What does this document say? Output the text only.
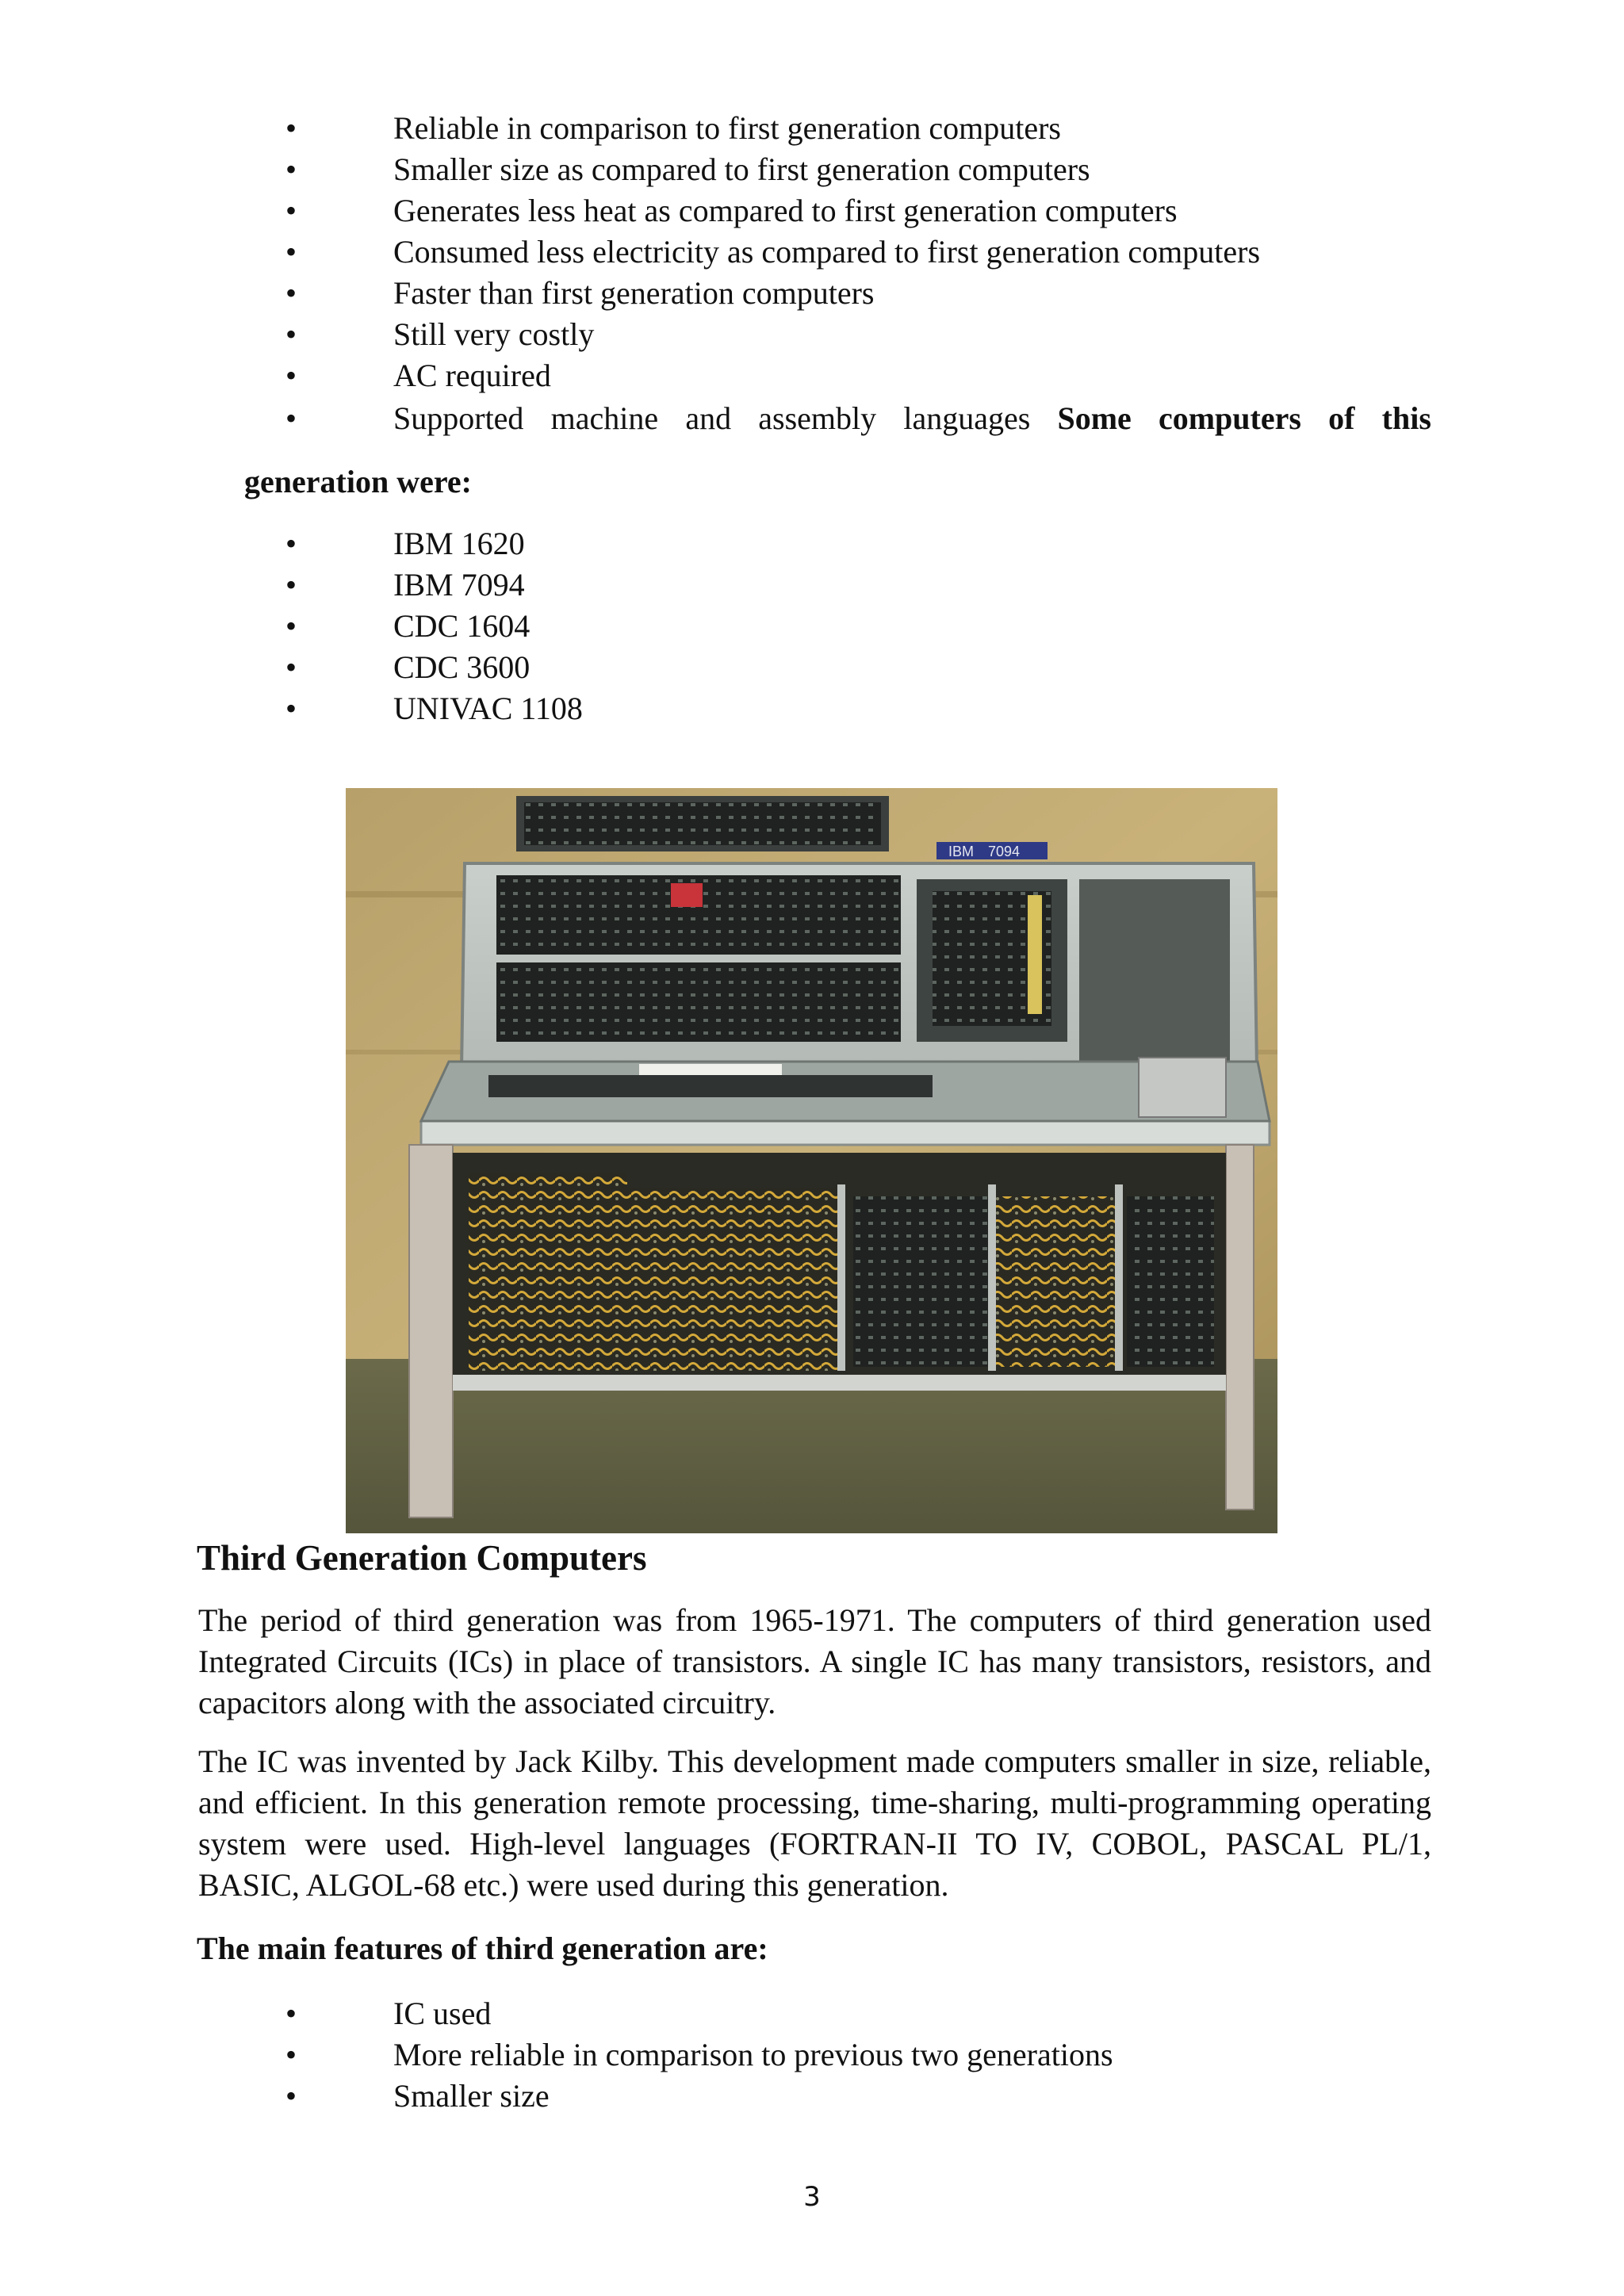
•	Reliable in comparison to first generation computers
•	Smaller size as compared to first generation computers
•	Generates less heat as compared to first generation computers
•	Consumed less electricity as compared to first generation computers
•	Faster than first generation computers
•	Still very costly
•	AC required
•	Supported machine and assembly languages Some computers of this
generation were:
•	IBM 1620
•	IBM 7094
•	CDC 1604
•	CDC 3600
•	UNIVAC 1108
IBM 7094
Third Generation Computers

The period of third generation was from 1965-1971. The computers of third generation used Integrated Circuits (ICs) in place of transistors. A single IC has many transistors, resistors, and capacitors along with the associated circuitry.

The IC was invented by Jack Kilby. This development made computers smaller in size, reliable, and efficient. In this generation remote processing, time-sharing, multi-programming operating system were used. High-level languages (FORTRAN-II TO IV, COBOL, PASCAL PL/1, BASIC, ALGOL-68 etc.) were used during this generation.

The main features of third generation are:
•	IC used
•	More reliable in comparison to previous two generations
•	Smaller size
3
